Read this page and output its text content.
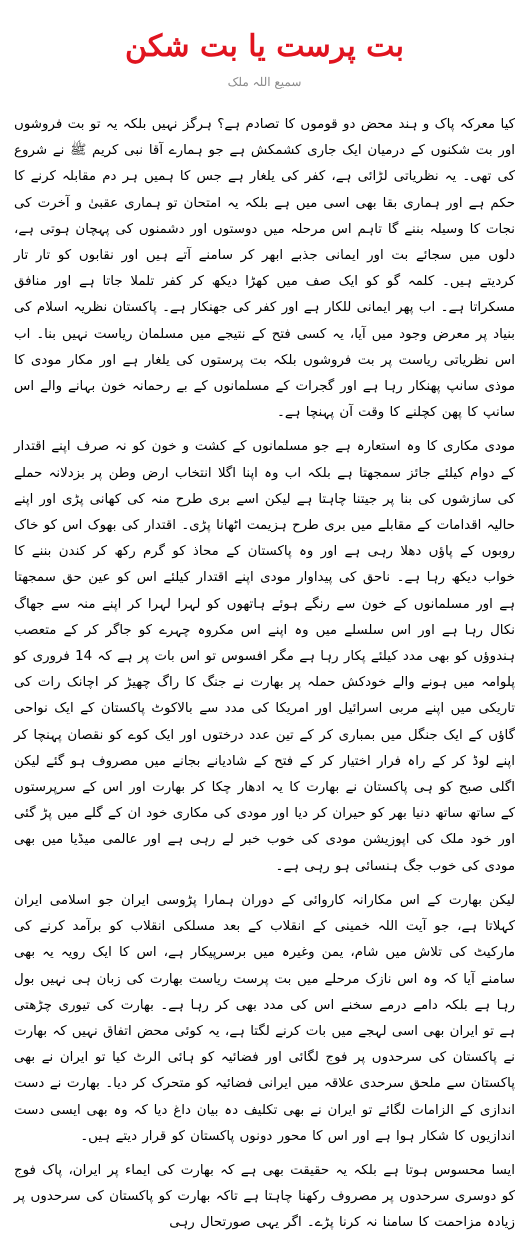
بت پرست یا بت شکن
سمیع اللہ ملک

کیا معرکہ پاک و ہند محض دو قوموں کا تصادم ہے؟ ہرگز نہیں بلکہ یہ تو بت فروشوں اور بت شکنوں کے درمیان ایک جاری کشمکش ہے جو ہمارے آقا نبی کریم ﷺ نے شروع کی تھی۔ یہ نظریاتی لڑائی ہے، کفر کی یلغار ہے جس کا ہمیں ہر دم مقابلہ کرنے کا حکم ہے اور ہماری بقا بھی اسی میں ہے بلکہ یہ امتحان تو ہماری عقبیٰ و آخرت کی نجات کا وسیلہ بننے گا تاہم اس مرحلہ میں دوستوں اور دشمنوں کی پہچان ہوتی ہے، دلوں میں سجائے بت اور ایمانی جذبے ابھر کر سامنے آتے ہیں اور نقابوں کو تار تار کردیتے ہیں۔ کلمہ گو کو ایک صف میں کھڑا دیکھ کر کفر تلملا جاتا ہے اور منافق مسکراتا ہے۔ اب پھر ایمانی للکار ہے اور کفر کی جھنکار ہے۔ پاکستان نظریہ اسلام کی بنیاد پر معرض وجود میں آیا، یہ کسی فتح کے نتیجے میں مسلمان ریاست نہیں بنا۔ اب اس نظریاتی ریاست پر بت فروشوں بلکہ بت پرستوں کی یلغار ہے اور مکار مودی کا موذی سانپ پھنکار رہا ہے اور گجرات کے مسلمانوں کے بے رحمانہ خون بہانے والے اس سانپ کا پھن کچلنے کا وقت آن پہنچا ہے۔

مودی مکاری کا وہ استعارہ ہے جو مسلمانوں کے کشت و خون کو نہ صرف اپنے اقتدار کے دوام کیلئے جائز سمجھتا ہے بلکہ اب وہ اپنا اگلا انتخاب ارض وطن پر بزدلانہ حملے کی سازشوں کی بنا پر جیتنا چاہتا ہے لیکن اسے بری طرح منہ کی کھانی پڑی اور اپنے حالیہ اقدامات کے مقابلے میں بری طرح ہزیمت اٹھانا پڑی۔ اقتدار کی بھوک اس کو خاک روبوں کے پاؤں دھلا رہی ہے اور وہ پاکستان کے محاذ کو گرم رکھ کر کندن بننے کا خواب دیکھ رہا ہے۔ ناحق کی پیداوار مودی اپنے اقتدار کیلئے اس کو عین حق سمجھتا ہے اور مسلمانوں کے خون سے رنگے ہوئے ہاتھوں کو لہرا لہرا کر اپنے منہ سے جھاگ نکال رہا ہے اور اس سلسلے میں وہ اپنے اس مکروہ چہرے کو جاگر کر کے متعصب ہندوؤں کو بھی مدد کیلئے پکار رہا ہے مگر افسوس تو اس بات پر ہے کہ 14 فروری کو پلوامہ میں ہونے والے خودکش حملہ پر بھارت نے جنگ کا راگ چھیڑ کر اچانک رات کی تاریکی میں اپنے مربی اسرائیل اور امریکا کی مدد سے بالاکوٹ پاکستان کے ایک نواحی گاؤں کے ایک جنگل میں بمباری کر کے تین عدد درختوں اور ایک کوے کو نقصان پہنچا کر اپنے لوڈ کر کے راہ فرار اختیار کر کے فتح کے شادیانے بجانے میں مصروف ہو گئے لیکن اگلی صبح کو ہی پاکستان نے بھارت کا یہ ادھار چکا کر بھارت اور اس کے سرپرستوں کے ساتھ ساتھ دنیا بھر کو حیران کر دیا اور مودی کی مکاری خود ان کے گلے میں پڑ گئی اور خود ملک کی اپوزیشن مودی کی خوب خبر لے رہی ہے اور عالمی میڈیا میں بھی مودی کی خوب جگ ہنسائی ہو رہی ہے۔

لیکن بھارت کے اس مکارانہ کاروائی کے دوران ہمارا پڑوسی ایران جو اسلامی ایران کہلاتا ہے، جو آیت اللہ خمینی کے انقلاب کے بعد مسلکی انقلاب کو برآمد کرنے کی مارکیٹ کی تلاش میں شام، یمن وغیرہ میں برسرپیکار ہے، اس کا ایک رویہ یہ بھی سامنے آیا کہ وہ اس نازک مرحلے میں بت پرست ریاست بھارت کی زبان ہی نہیں بول رہا ہے بلکہ دامے درمے سخنے اس کی مدد بھی کر رہا ہے۔ بھارت کی تیوری چڑھتی ہے تو ایران بھی اسی لہجے میں بات کرنے لگتا ہے، یہ کوئی محض اتفاق نہیں کہ بھارت نے پاکستان کی سرحدوں پر فوج لگائی اور فضائیہ کو ہائی الرٹ کیا تو ایران نے بھی پاکستان سے ملحق سرحدی علاقہ میں ایرانی فضائیہ کو متحرک کر دیا۔ بھارت نے دست اندازی کے الزامات لگائے تو ایران نے بھی تکلیف دہ بیان داغ دیا کہ وہ بھی ایسی دست اندازیوں کا شکار ہوا ہے اور اس کا محور دونوں پاکستان کو قرار دیتے ہیں۔

ایسا محسوس ہوتا ہے بلکہ یہ حقیقت بھی ہے کہ بھارت کی ایماء پر ایران، پاک فوج کو دوسری سرحدوں پر مصروف رکھنا چاہتا ہے تاکہ بھارت کو پاکستان کی سرحدوں پر زیادہ مزاحمت کا سامنا نہ کرنا پڑے۔ اگر یہی صورتحال رہی
